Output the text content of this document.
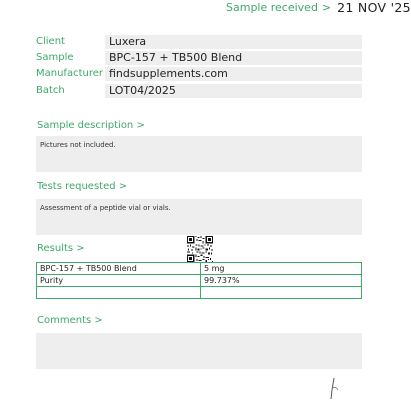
Sample received > 21 NOV '25
Client	Luxera
Sample	BPC-157 + TB500 Blend
Manufacturer findsupplements.com
Batch	LOT04/2025
Sample description >
Pictures not included.
Tests requested >
Assessment of a peptide vial or vials.
Results >
BPC-157 + TB500 Blend	5 mg
Purity	99.737%

Comments >
